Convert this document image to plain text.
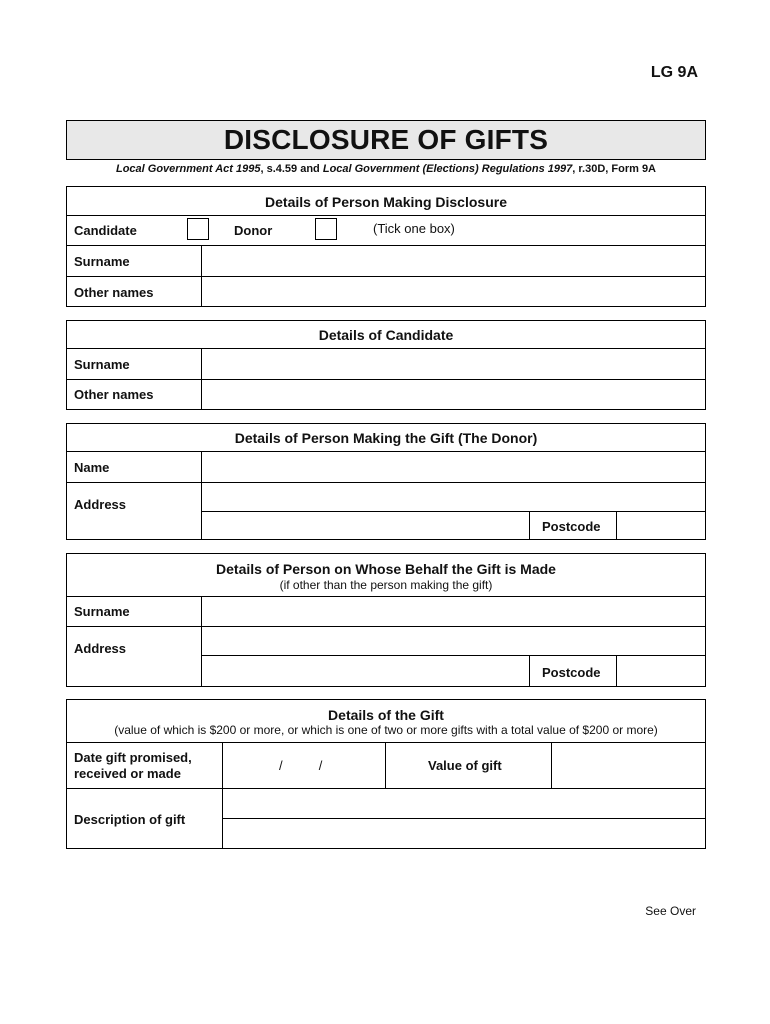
LG 9A
DISCLOSURE OF GIFTS
Local Government Act 1995, s.4.59 and Local Government (Elections) Regulations 1997, r.30D, Form 9A
Details of Person Making Disclosure
Candidate	Donor	(Tick one box)
Surname
Other names
Details of Candidate
Surname
Other names
Details of Person Making the Gift (The Donor)
Name
Address
Postcode
Details of Person on Whose Behalf the Gift is Made
(if other than the person making the gift)
Surname
Address
Postcode
Details of the Gift
(value of which is $200 or more, or which is one of two or more gifts with a total value of $200 or more)
Date gift promised,
received or made
/          /	Value of gift
Description of gift
See Over
